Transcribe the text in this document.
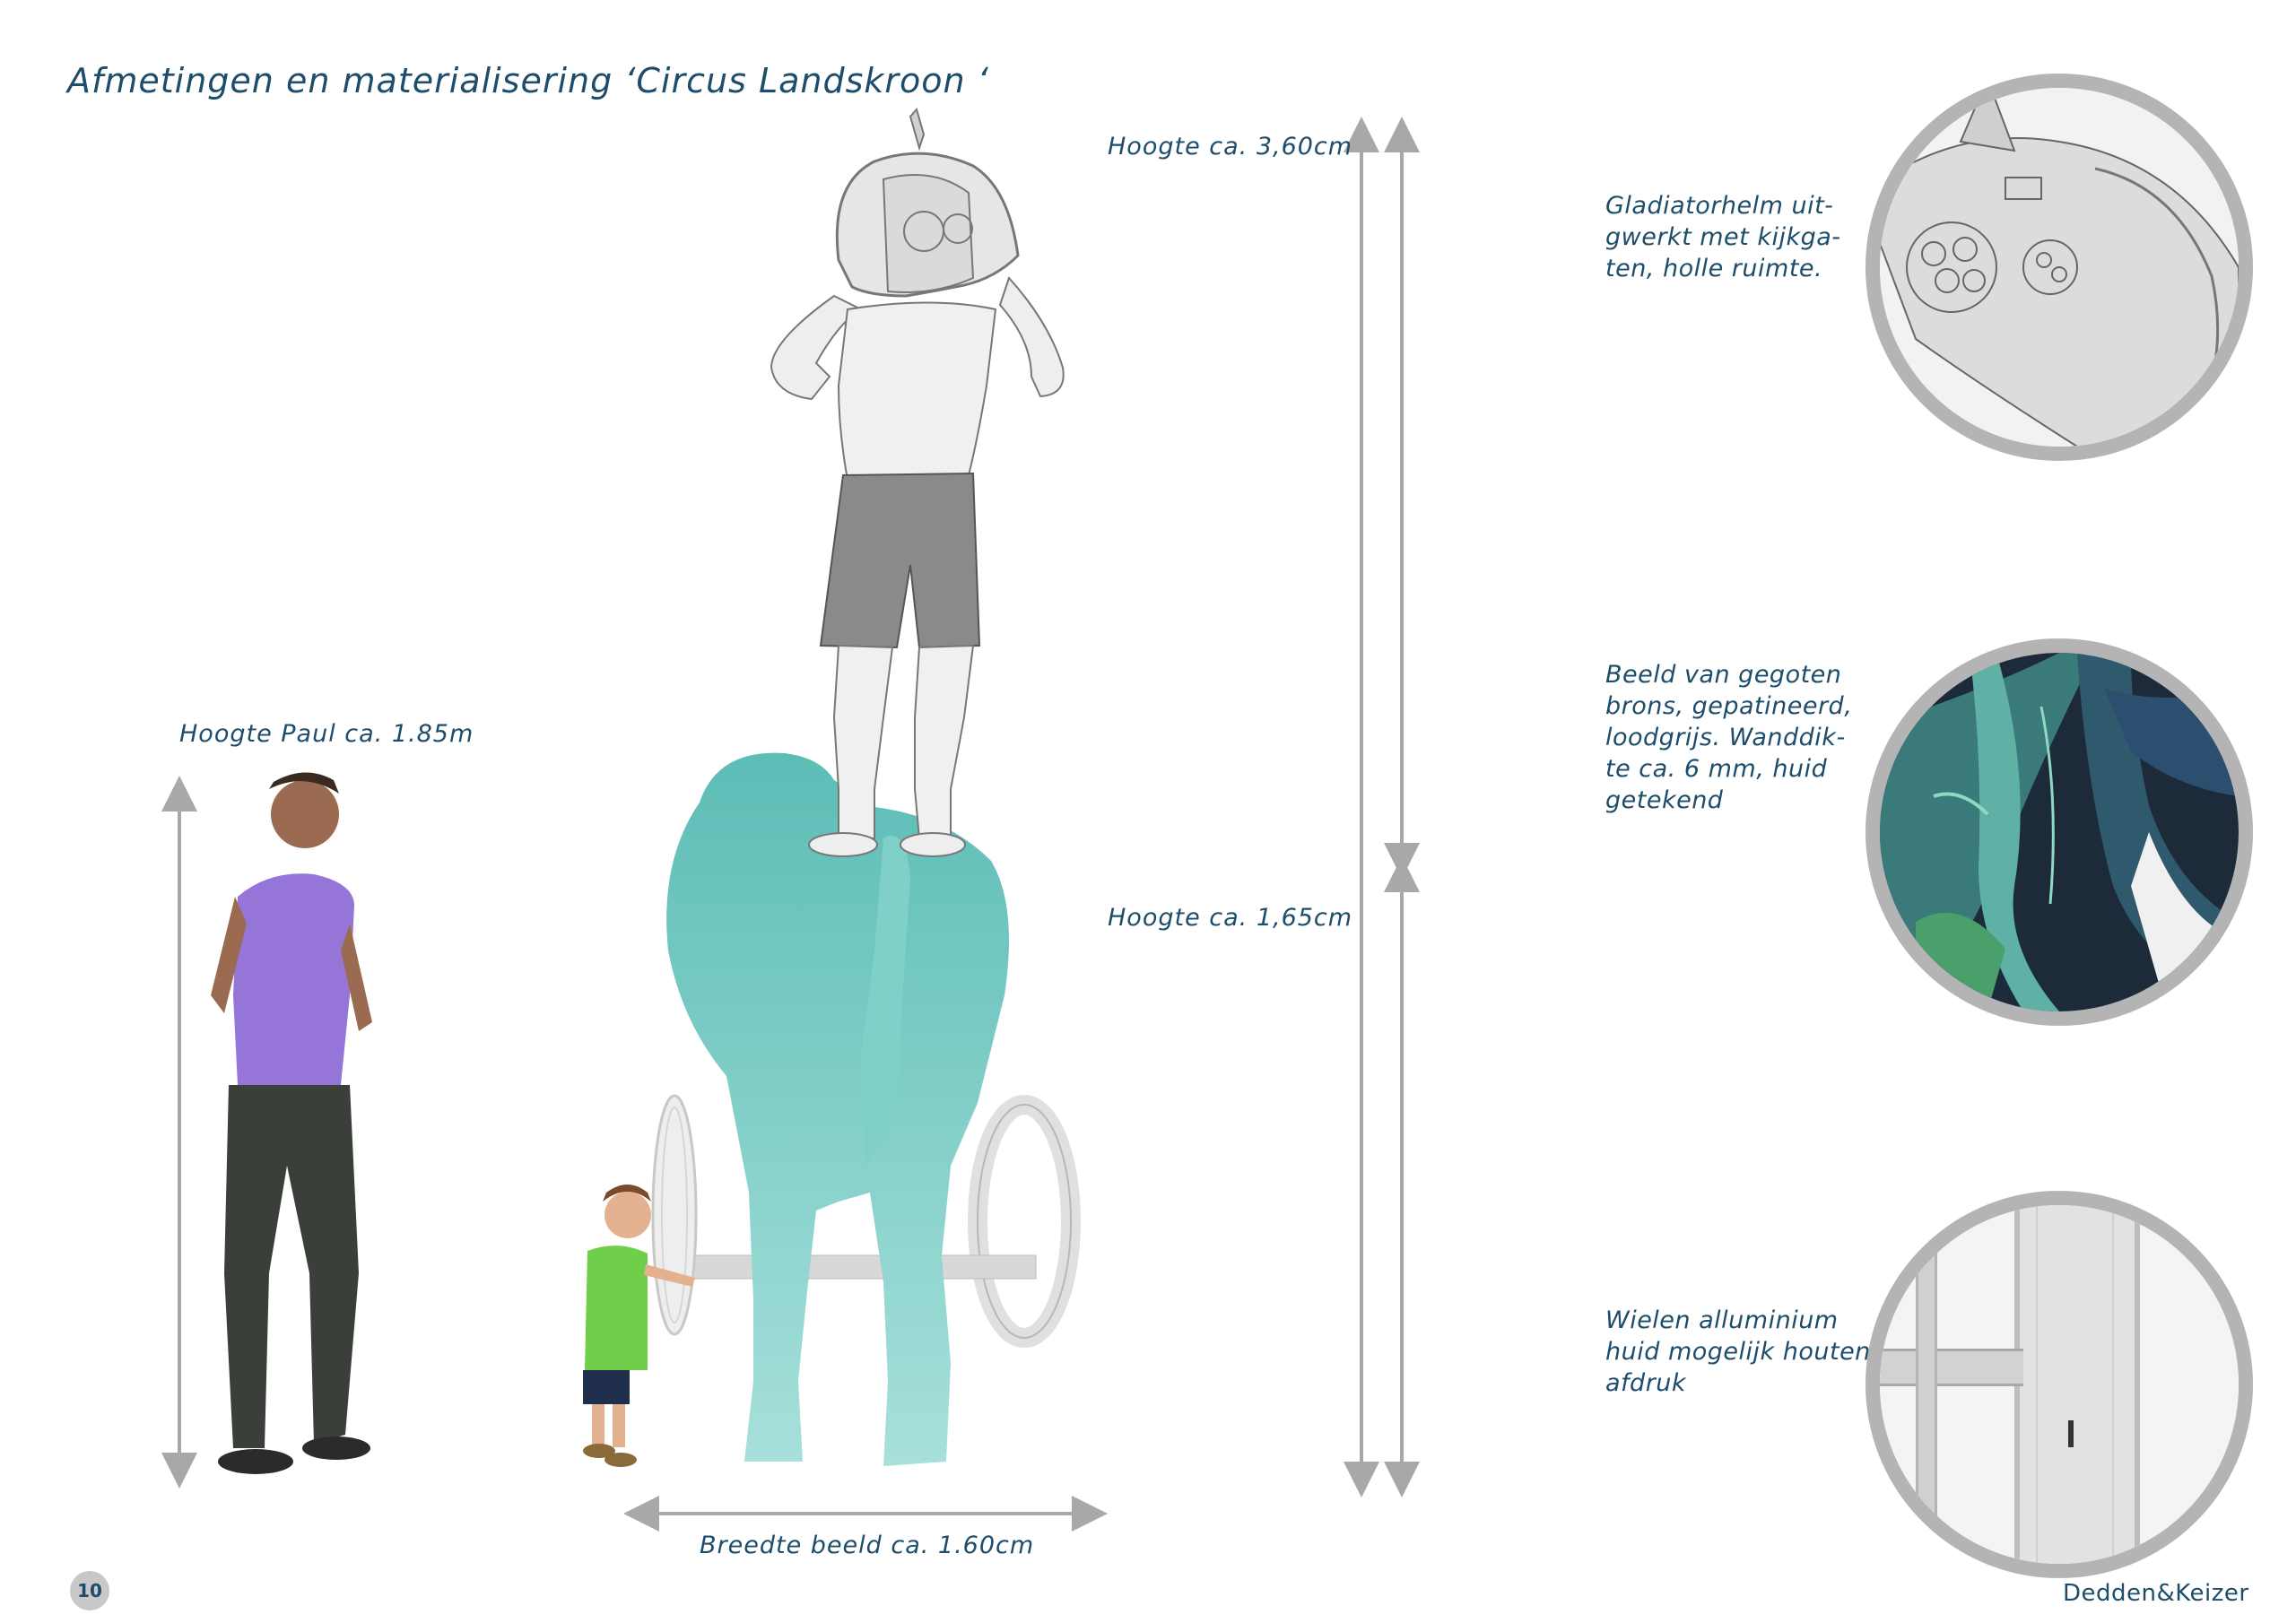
Afmetingen en materialisering ‘Circus Landskroon ‘
Hoogte ca. 3,60cm
Hoogte ca. 1,65cm
Hoogte Paul ca. 1.85m
Breedte beeld ca. 1.60cm
Gladiatorhelm uit-
gwerkt met kijkga-
ten, holle ruimte.
Beeld van gegoten
brons, gepatineerd,
loodgrijs. Wanddik-
te ca. 6 mm, huid
getekend
Wielen alluminium
huid mogelijk houten
afdruk
10	Dedden&Keizer
